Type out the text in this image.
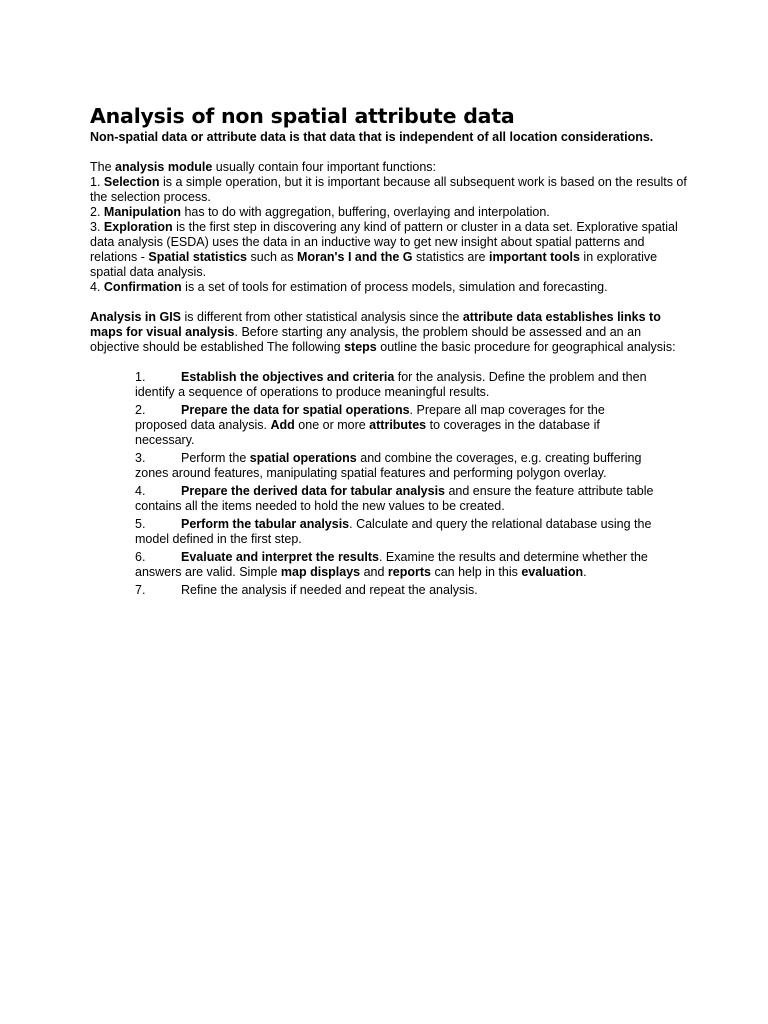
Analysis of non spatial attribute data

Non-spatial data or attribute data is that data that is independent of all location considerations.

The analysis module usually contain four important functions:

1. Selection is a simple operation, but it is important because all subsequent work is based on the results of the selection process.

2. Manipulation has to do with aggregation, buffering, overlaying and interpolation.

3. Exploration is the first step in discovering any kind of pattern or cluster in a data set. Explorative spatial data analysis (ESDA) uses the data in an inductive way to get new insight about spatial patterns and relations - Spatial statistics such as Moran's I and the G statistics are important tools in explorative spatial data analysis.

4. Confirmation is a set of tools for estimation of process models, simulation and forecasting.

Analysis in GIS is different from other statistical analysis since the attribute data establishes links to maps for visual analysis. Before starting any analysis, the problem should be assessed and an an objective should be established The following steps outline the basic procedure for geographical analysis:

1.	Establish the objectives and criteria for the analysis. Define the problem and then identify a sequence of operations to produce meaningful results.

2.	Prepare the data for spatial operations. Prepare all map coverages for the proposed data analysis. Add one or more attributes to coverages in the database if necessary.

3.	Perform the spatial operations and combine the coverages, e.g. creating buffering zones around features, manipulating spatial features and performing polygon overlay.

4.	Prepare the derived data for tabular analysis and ensure the feature attribute table contains all the items needed to hold the new values to be created.

5.	Perform the tabular analysis. Calculate and query the relational database using the model defined in the first step.

6.	Evaluate and interpret the results. Examine the results and determine whether the answers are valid. Simple map displays and reports can help in this evaluation.

7.	Refine the analysis if needed and repeat the analysis.
